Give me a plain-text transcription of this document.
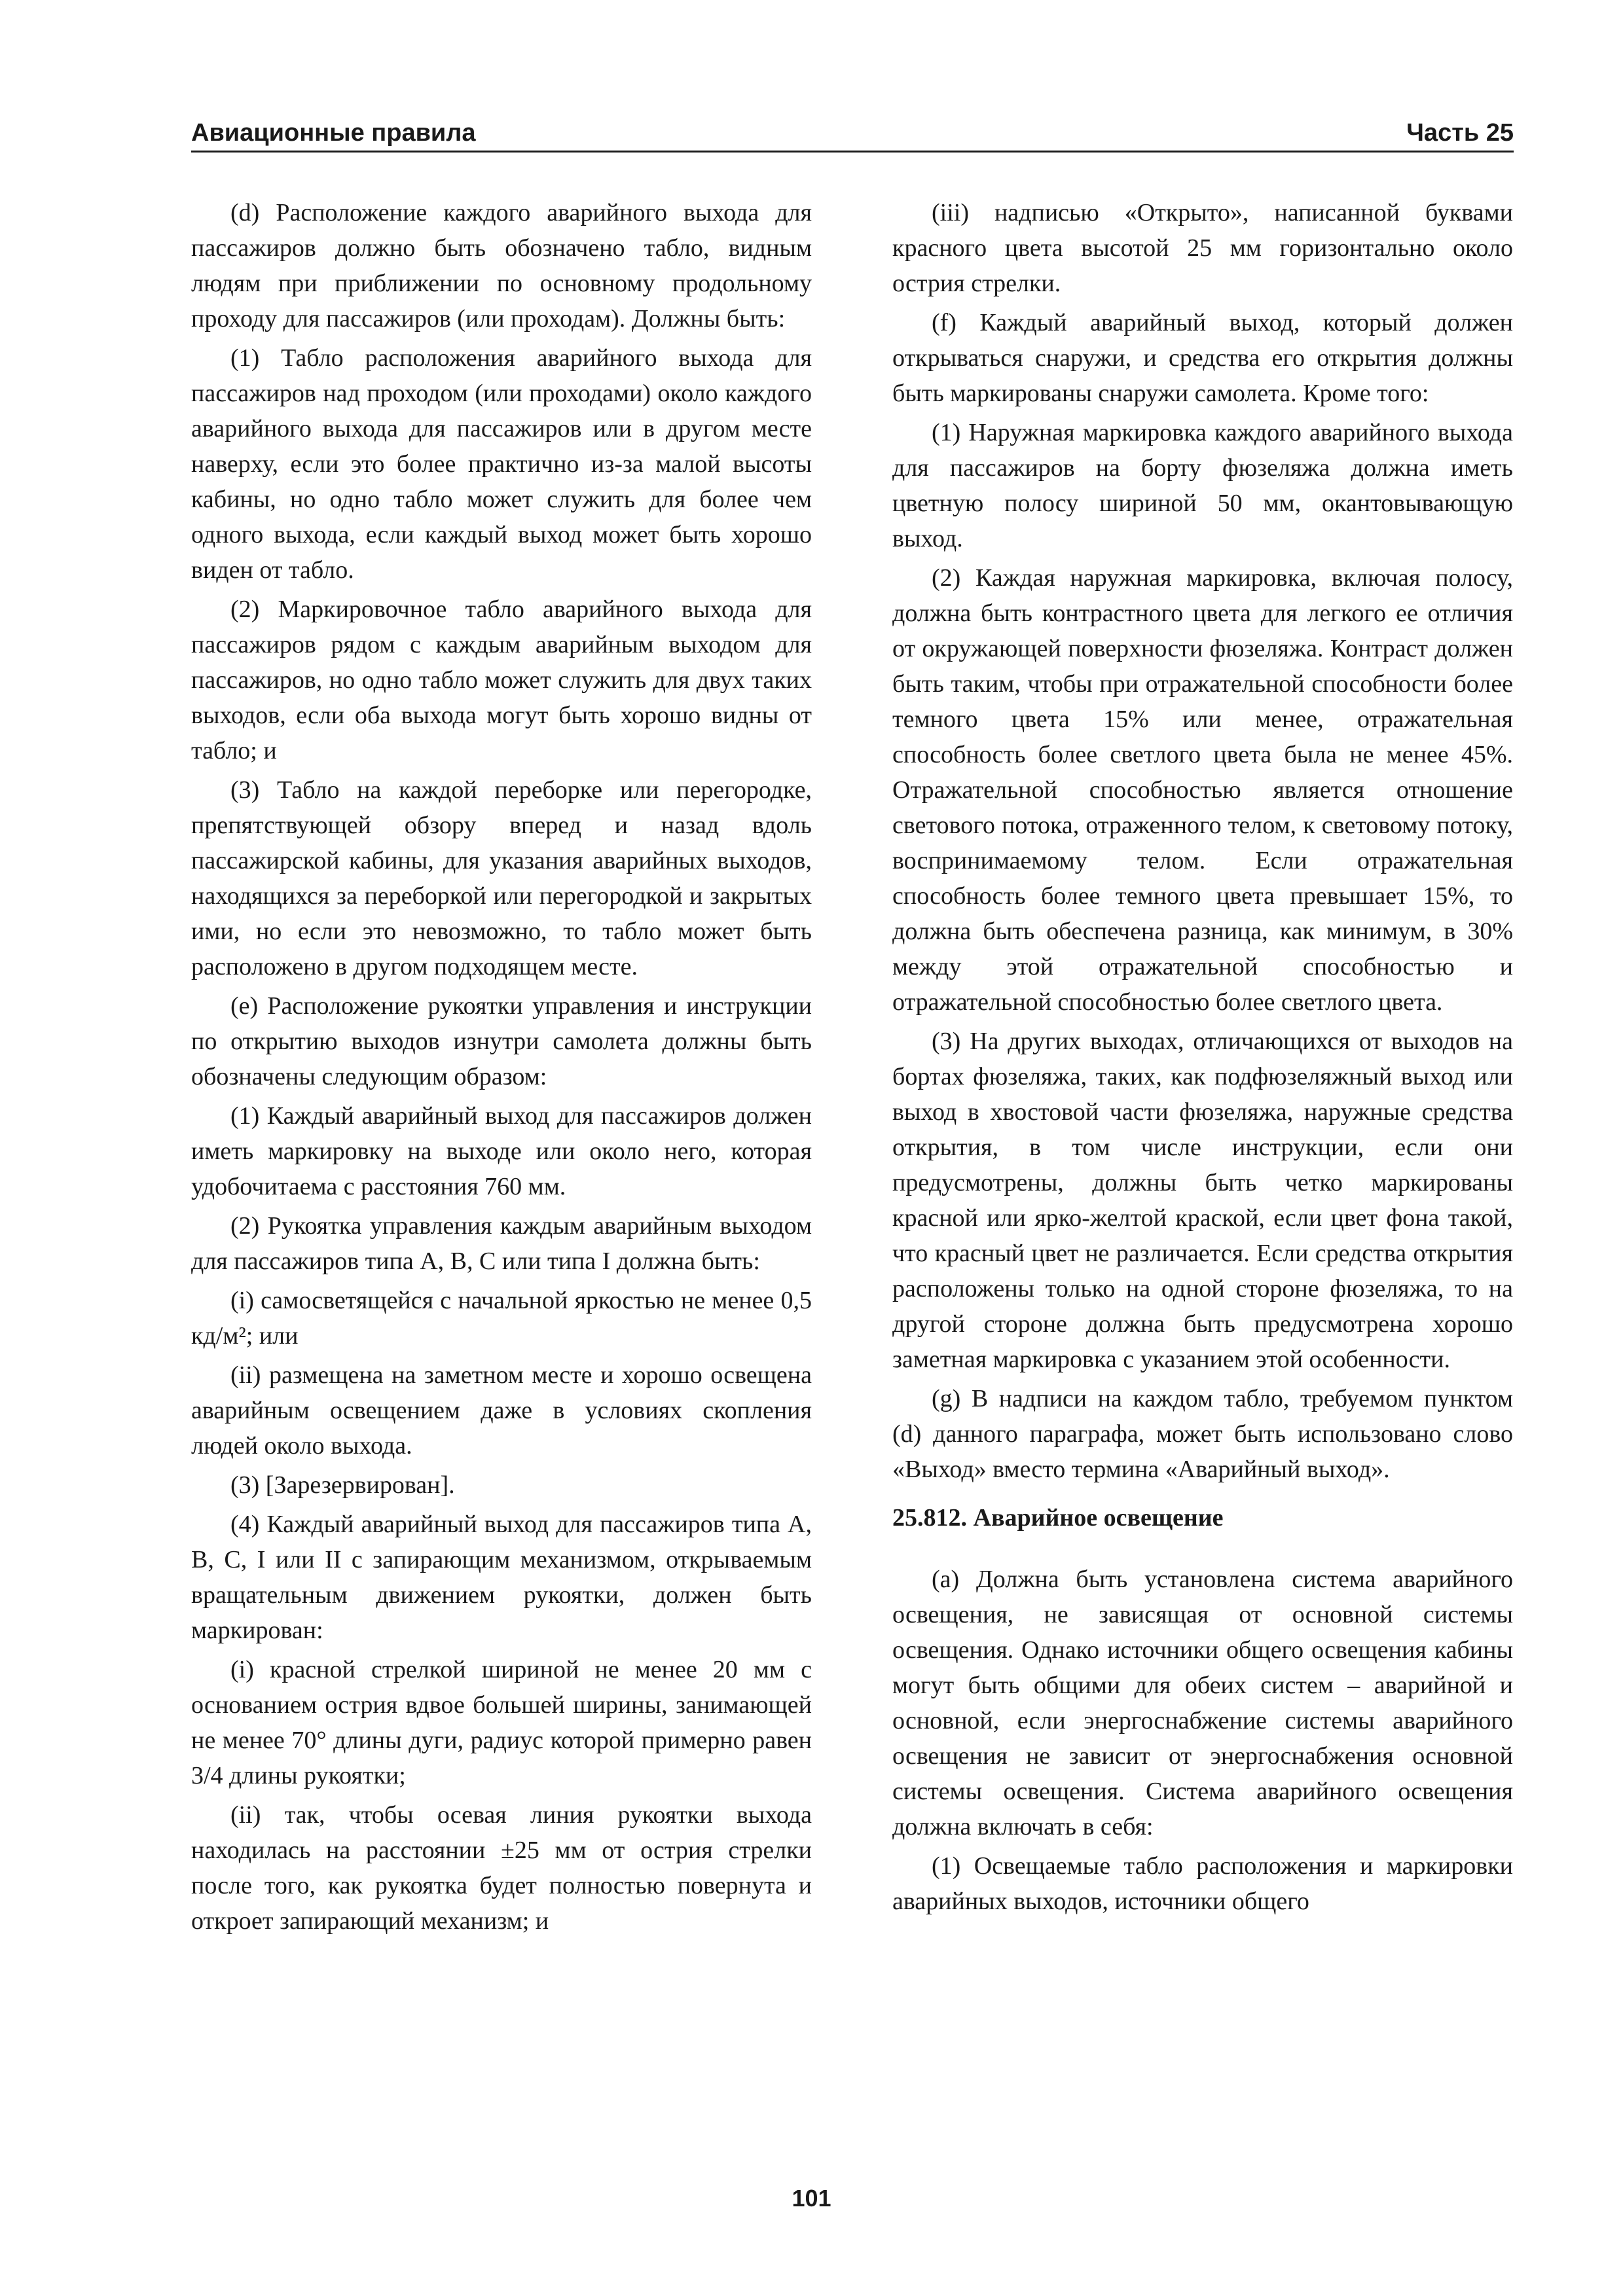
Авиационные правила	Часть 25

(d) Расположение каждого аварийного выхода для пассажиров должно быть обозначено табло, видным людям при приближении по основному продольному проходу для пассажиров (или проходам). Должны быть:

(1) Табло расположения аварийного выхода для пассажиров над проходом (или проходами) около каждого аварийного выхода для пассажиров или в другом месте наверху, если это более практично из-за малой высоты кабины, но одно табло может служить для более чем одного выхода, если каждый выход может быть хорошо виден от табло.

(2) Маркировочное табло аварийного выхода для пассажиров рядом с каждым аварийным выходом для пассажиров, но одно табло может служить для двух таких выходов, если оба выхода могут быть хорошо видны от табло; и

(3) Табло на каждой переборке или перегородке, препятствующей обзору вперед и назад вдоль пассажирской кабины, для указания аварийных выходов, находящихся за переборкой или перегородкой и закрытых ими, но если это невозможно, то табло может быть расположено в другом подходящем месте.

(e) Расположение рукоятки управления и инструкции по открытию выходов изнутри самолета должны быть обозначены следующим образом:

(1) Каждый аварийный выход для пассажиров должен иметь маркировку на выходе или около него, которая удобочитаема с расстояния 760 мм.

(2) Рукоятка управления каждым аварийным выходом для пассажиров типа A, B, C или типа I должна быть:

(i) самосветящейся с начальной яркостью не менее 0,5 кд/м²; или

(ii) размещена на заметном месте и хорошо освещена аварийным освещением даже в условиях скопления людей около выхода.

(3) [Зарезервирован].

(4) Каждый аварийный выход для пассажиров типа A, B, C, I или II с запирающим механизмом, открываемым вращательным движением рукоятки, должен быть маркирован:

(i) красной стрелкой шириной не менее 20 мм с основанием острия вдвое большей ширины, занимающей не менее 70° длины дуги, радиус которой примерно равен 3/4 длины рукоятки;

(ii) так, чтобы осевая линия рукоятки выхода находилась на расстоянии ±25 мм от острия стрелки после того, как рукоятка будет полностью повернута и откроет запирающий механизм; и

(iii) надписью «Открыто», написанной буквами красного цвета высотой 25 мм горизонтально около острия стрелки.

(f) Каждый аварийный выход, который должен открываться снаружи, и средства его открытия должны быть маркированы снаружи самолета. Кроме того:

(1) Наружная маркировка каждого аварийного выхода для пассажиров на борту фюзеляжа должна иметь цветную полосу шириной 50 мм, окантовывающую выход.

(2) Каждая наружная маркировка, включая полосу, должна быть контрастного цвета для легкого ее отличия от окружающей поверхности фюзеляжа. Контраст должен быть таким, чтобы при отражательной способности более темного цвета 15% или менее, отражательная способность более светлого цвета была не менее 45%. Отражательной способностью является отношение светового потока, отраженного телом, к световому потоку, воспринимаемому телом. Если отражательная способность более темного цвета превышает 15%, то должна быть обеспечена разница, как минимум, в 30% между этой отражательной способностью и отражательной способностью более светлого цвета.

(3) На других выходах, отличающихся от выходов на бортах фюзеляжа, таких, как подфюзеляжный выход или выход в хвостовой части фюзеляжа, наружные средства открытия, в том числе инструкции, если они предусмотрены, должны быть четко маркированы красной или ярко-желтой краской, если цвет фона такой, что красный цвет не различается. Если средства открытия расположены только на одной стороне фюзеляжа, то на другой стороне должна быть предусмотрена хорошо заметная маркировка с указанием этой особенности.

(g) В надписи на каждом табло, требуемом пунктом (d) данного параграфа, может быть использовано слово «Выход» вместо термина «Аварийный выход».

25.812. Аварийное освещение

(a) Должна быть установлена система аварийного освещения, не зависящая от основной системы освещения. Однако источники общего освещения кабины могут быть общими для обеих систем – аварийной и основной, если энергоснабжение системы аварийного освещения не зависит от энергоснабжения основной системы освещения. Система аварийного освещения должна включать в себя:

(1) Освещаемые табло расположения и маркировки аварийных выходов, источники общего

101
